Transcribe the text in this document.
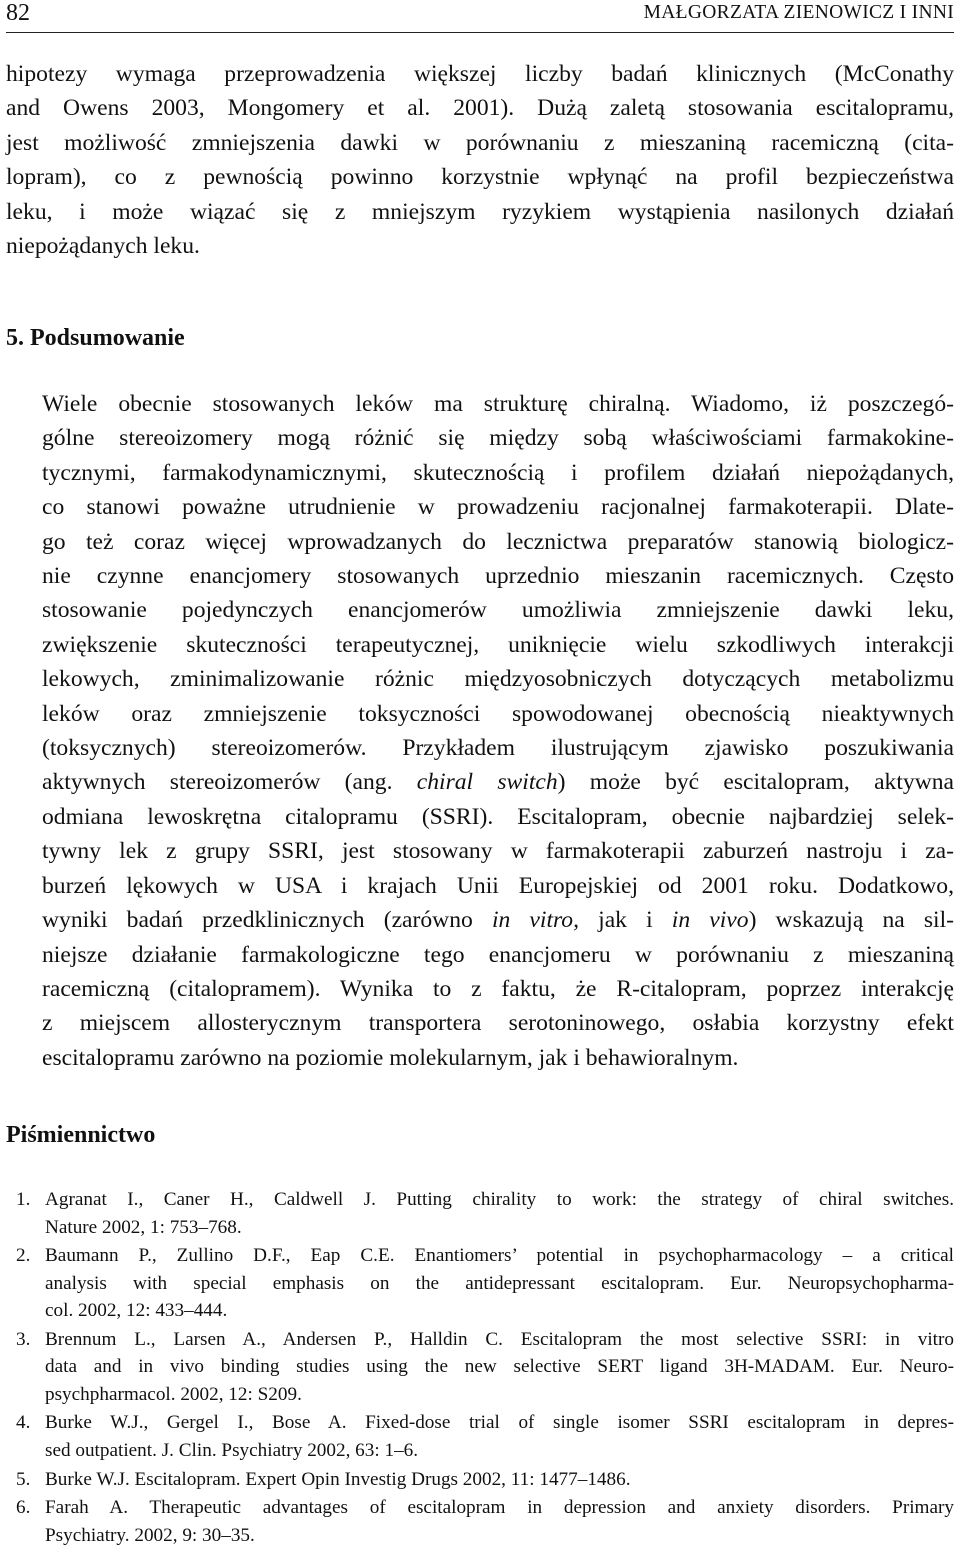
82	MAŁGORZATA ZIENOWICZ I INNI

hipotezy wymaga przeprowadzenia większej liczby badań klinicznych (McConathy
and Owens 2003, Mongomery et al. 2001). Dużą zaletą stosowania escitalopramu,
jest możliwość zmniejszenia dawki w porównaniu z mieszaniną racemiczną (cita-
lopram), co z pewnością powinno korzystnie wpłynąć na profil bezpieczeństwa
leku, i może wiązać się z mniejszym ryzykiem wystąpienia nasilonych działań
niepożądanych leku.

5. Podsumowanie

Wiele obecnie stosowanych leków ma strukturę chiralną. Wiadomo, iż poszczegó-
gólne stereoizomery mogą różnić się między sobą właściwościami farmakokine-
tycznymi, farmakodynamicznymi, skutecznością i profilem działań niepożądanych,
co stanowi poważne utrudnienie w prowadzeniu racjonalnej farmakoterapii. Dlate-
go też coraz więcej wprowadzanych do lecznictwa preparatów stanowią biologicz-
nie czynne enancjomery stosowanych uprzednio mieszanin racemicznych. Często
stosowanie pojedynczych enancjomerów umożliwia zmniejszenie dawki leku,
zwiększenie skuteczności terapeutycznej, uniknięcie wielu szkodliwych interakcji
lekowych, zminimalizowanie różnic międzyosobniczych dotyczących metabolizmu
leków oraz zmniejszenie toksyczności spowodowanej obecnością nieaktywnych
(toksycznych) stereoizomerów. Przykładem ilustrującym zjawisko poszukiwania
aktywnych stereoizomerów (ang. chiral switch) może być escitalopram, aktywna
odmiana lewoskrętna citalopramu (SSRI). Escitalopram, obecnie najbardziej selek-
tywny lek z grupy SSRI, jest stosowany w farmakoterapii zaburzeń nastroju i za-
burzeń lękowych w USA i krajach Unii Europejskiej od 2001 roku. Dodatkowo,
wyniki badań przedklinicznych (zarówno in vitro, jak i in vivo) wskazują na sil-
niejsze działanie farmakologiczne tego enancjomeru w porównaniu z mieszaniną
racemiczną (citalopramem). Wynika to z faktu, że R-citalopram, poprzez interakcję
z miejscem allosterycznym transportera serotoninowego, osłabia korzystny efekt
escitalopramu zarówno na poziomie molekularnym, jak i behawioralnym.

Piśmiennictwo
1. Agranat I., Caner H., Caldwell J. Putting chirality to work: the strategy of chiral switches.
Nature 2002, 1: 753–768.
2. Baumann P., Zullino D.F., Eap C.E. Enantiomers’ potential in psychopharmacology – a critical
analysis with special emphasis on the antidepressant escitalopram. Eur. Neuropsychopharma-
col. 2002, 12: 433–444.
3. Brennum L., Larsen A., Andersen P., Halldin C. Escitalopram the most selective SSRI: in vitro
data and in vivo binding studies using the new selective SERT ligand 3H-MADAM. Eur. Neuro-
psychpharmacol. 2002, 12: S209.
4. Burke W.J., Gergel I., Bose A. Fixed-dose trial of single isomer SSRI escitalopram in depres-
sed outpatient. J. Clin. Psychiatry 2002, 63: 1–6.
5. Burke W.J. Escitalopram. Expert Opin Investig Drugs 2002, 11: 1477–1486.
6. Farah A. Therapeutic advantages of escitalopram in depression and anxiety disorders. Primary
Psychiatry. 2002, 9: 30–35.
